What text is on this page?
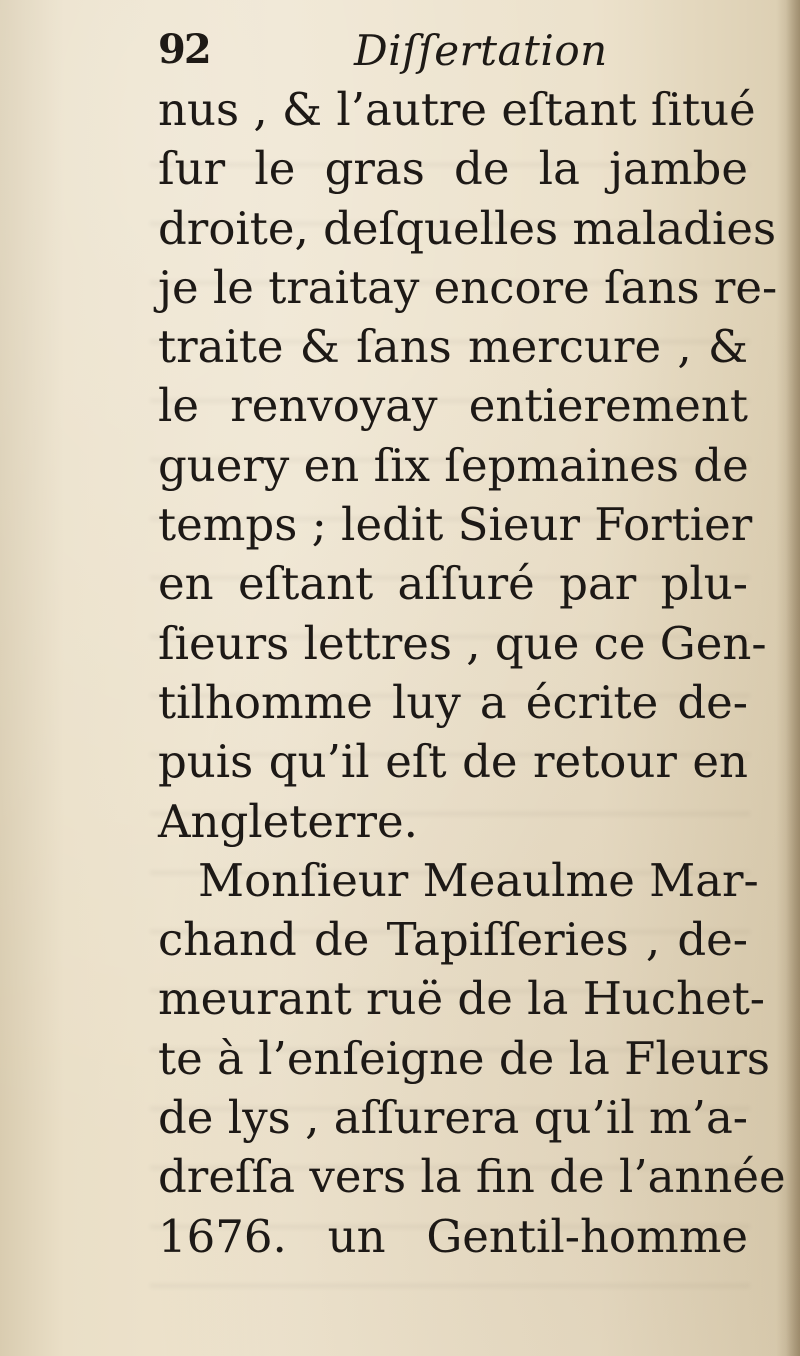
92	Diſſertation
nus , & l’autre eſtant ſitué
ſur le gras de la jambe
droite, deſquelles maladies
je le traitay encore ſans re-
traite & ſans mercure , &
le renvoyay entierement
guery en ſix ſepmaines de
temps ; ledit Sieur Fortier
en eſtant aſſuré par plu-
ſieurs lettres , que ce Gen-
tilhomme luy a écrite de-
puis qu’il eſt de retour en
Angleterre.
Monſieur Meaulme Mar-
chand de Tapiſſeries , de-
meurant ruë de la Huchet-
te à l’enſeigne de la Fleurs
de lys , aſſurera qu’il m’a-
dreſſa vers la fin de l’année
1676. un Gentil-homme
